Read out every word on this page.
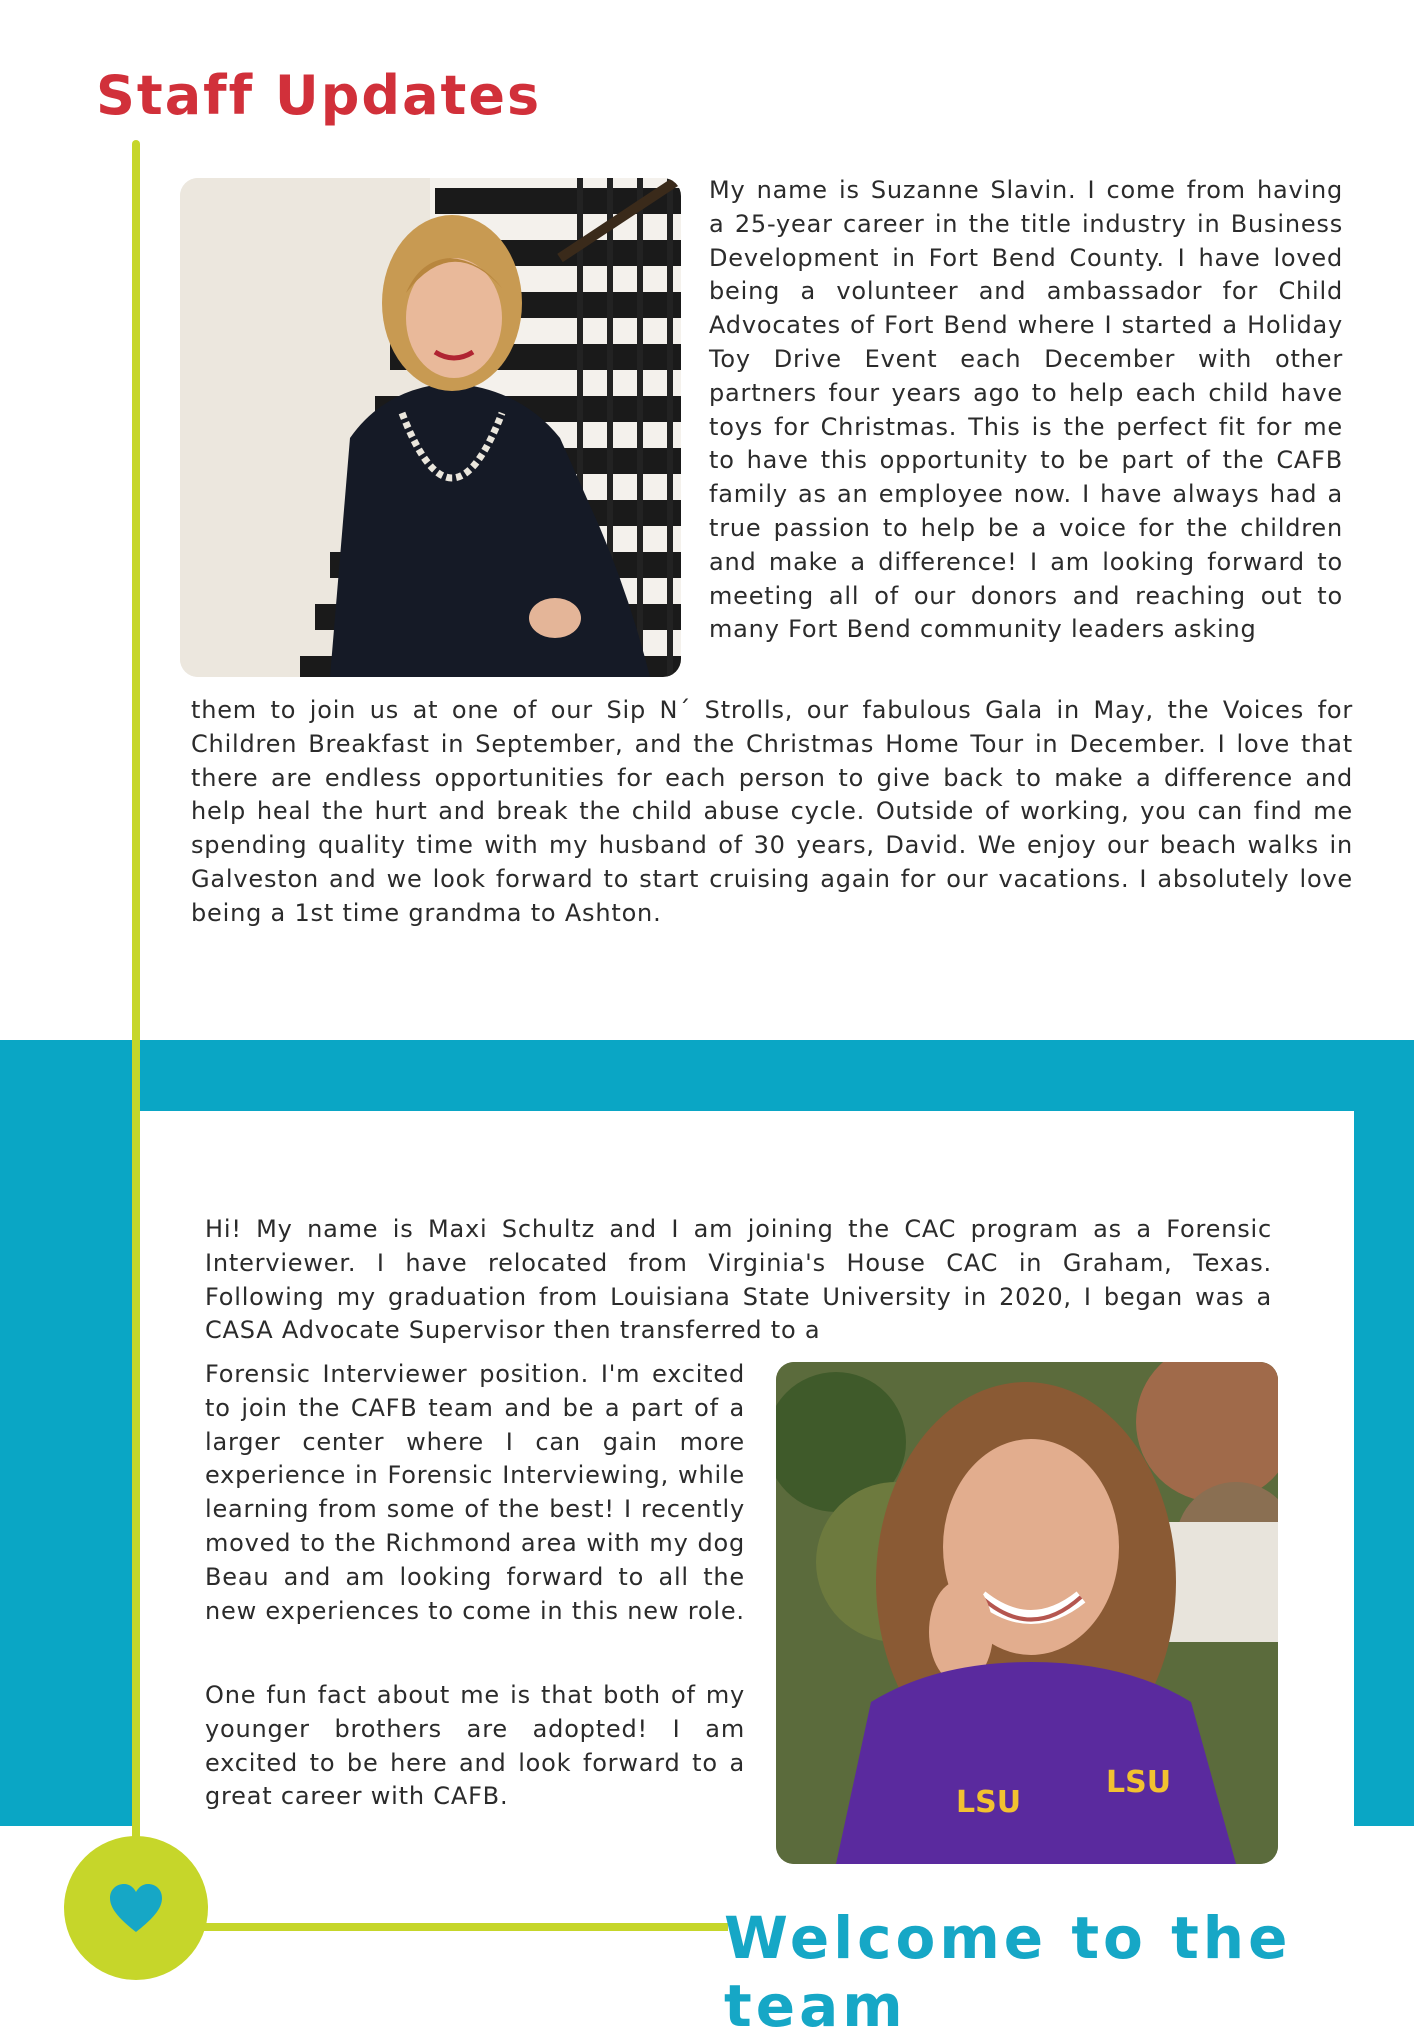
Staff Updates

My name is Suzanne Slavin. I come from having a 25-year career in the title industry in Business Development in Fort Bend County. I have loved being a volunteer and ambassador for Child Advocates of Fort Bend where I started a Holiday Toy Drive Event each December with other partners four years ago to help each child have toys for Christmas. This is the perfect fit for me to have this opportunity to be part of the CAFB family as an employee now. I have always had a true passion to help be a voice for the children and make a difference! I am looking forward to meeting all of our donors and reaching out to many Fort Bend community leaders asking

them to join us at one of our Sip N´ Strolls, our fabulous Gala in May, the Voices for Children Breakfast in September, and the Christmas Home Tour in December. I love that there are endless opportunities for each person to give back to make a difference and help heal the hurt and break the child abuse cycle. Outside of working, you can find me spending quality time with my husband of 30 years, David. We enjoy our beach walks in Galveston and we look forward to start cruising again for our vacations. I absolutely love being a 1st time grandma to Ashton.

Hi! My name is Maxi Schultz and I am joining the CAC program as a Forensic Interviewer. I have relocated from Virginia's House CAC in Graham, Texas. Following my graduation from Louisiana State University in 2020, I began was a CASA Advocate Supervisor then transferred to a

Forensic Interviewer position. I'm excited to join the CAFB team and be a part of a larger center where I can gain more experience in Forensic Interviewing, while learning from some of the best! I recently moved to the Richmond area with my dog Beau and am looking forward to all the new experiences to come in this new role.

One fun fact about me is that both of my younger brothers are adopted! I am excited to be here and look forward to a great career with CAFB.	LSU
LSU
Welcome to the team
